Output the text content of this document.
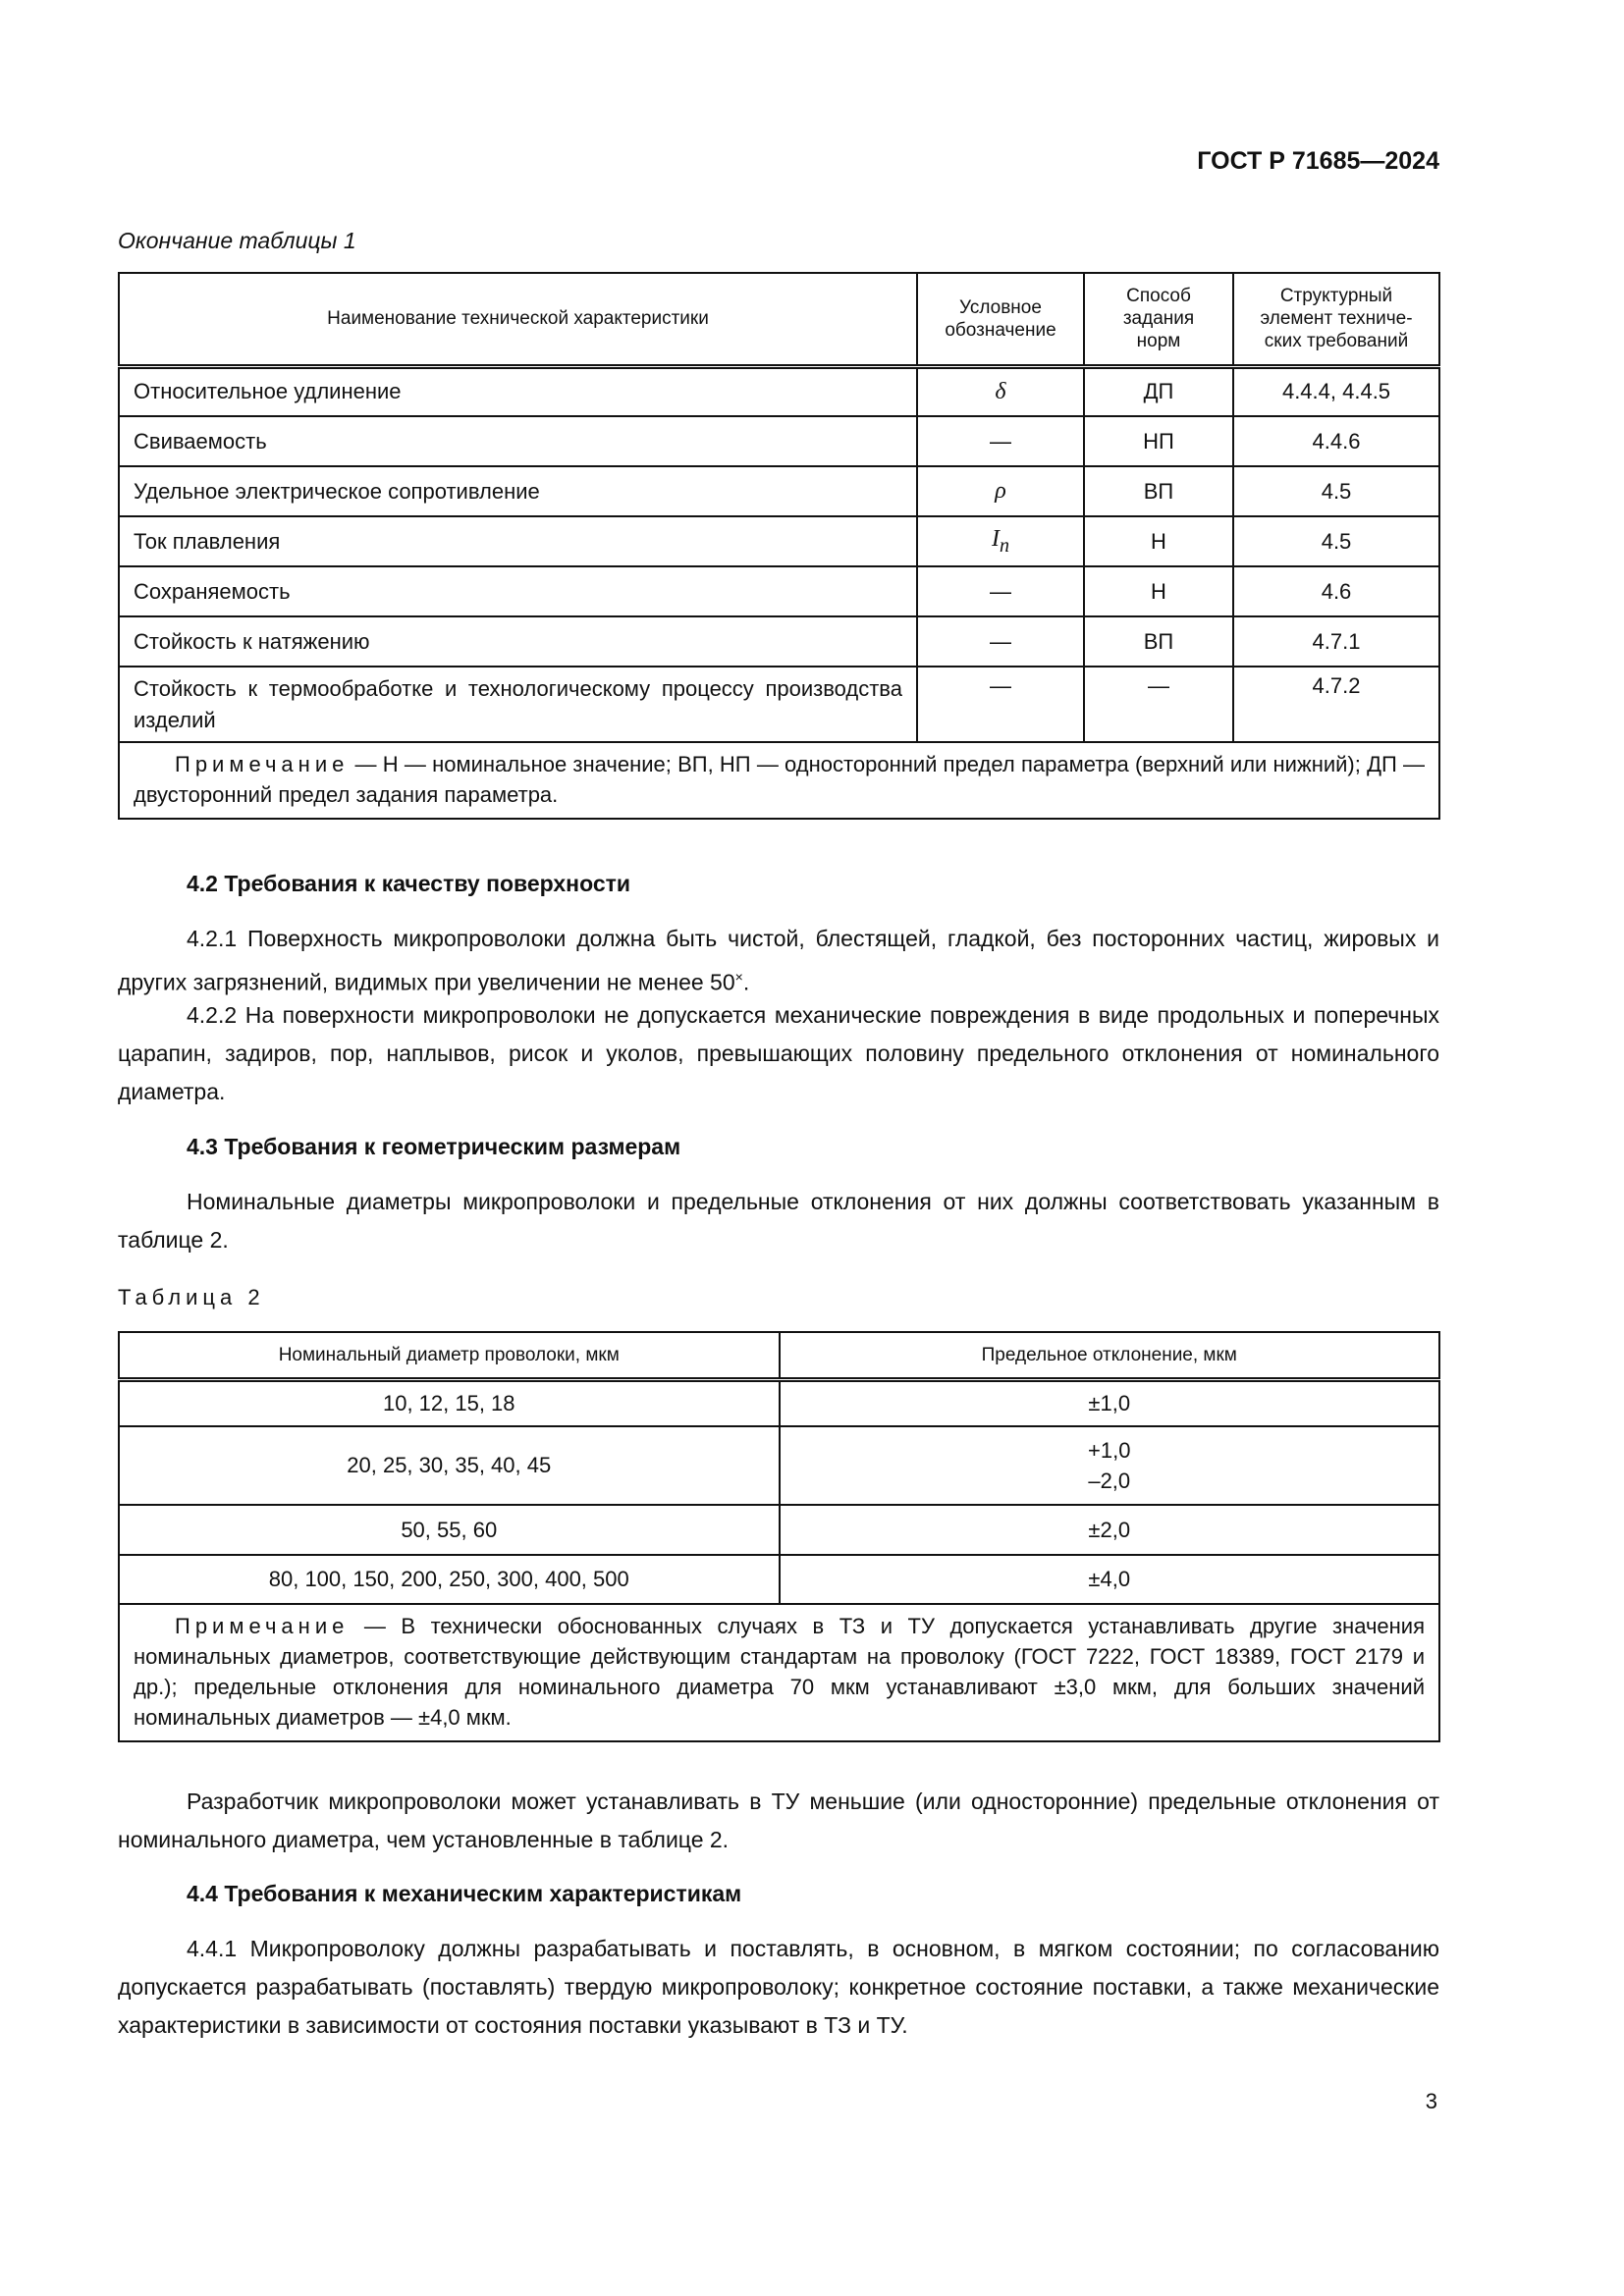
ГОСТ Р 71685—2024
Окончание таблицы 1
Наименование технической характеристики	Условное обозначение	Способ задания норм	Структурный элемент техниче-ских требований
Относительное удлинение	δ	ДП	4.4.4, 4.4.5
Свиваемость	—	НП	4.4.6
Удельное электрическое сопротивление	ρ	ВП	4.5
Ток плавления	$I_n$	Н	4.5
Сохраняемость	—	Н	4.6
Стойкость к натяжению	—	ВП	4.7.1
Стойкость к термообработке и технологическому процессу производства изделий	—	—	4.7.2
Примечание — Н — номинальное значение; ВП, НП — односторонний предел параметра (верхний или нижний); ДП — двусторонний предел задания параметра.			
4.2 Требования к качеству поверхности

4.2.1 Поверхность микропроволоки должна быть чистой, блестящей, гладкой, без посторонних частиц, жировых и других загрязнений, видимых при увеличении не менее 50×.

4.2.2 На поверхности микропроволоки не допускается механические повреждения в виде продольных и поперечных царапин, задиров, пор, наплывов, рисок и уколов, превышающих половину предельного отклонения от номинального диаметра.

4.3 Требования к геометрическим размерам

Номинальные диаметры микропроволоки и предельные отклонения от них должны соответствовать указанным в таблице 2.

Таблица 2
Номинальный диаметр проволоки, мкм	Предельное отклонение, мкм
10, 12, 15, 18	±1,0
20, 25, 30, 35, 40, 45	+1,0
–2,0

50, 55, 60	±2,0
80, 100, 150, 200, 250, 300, 400, 500	±4,0
Примечание — В технически обоснованных случаях в ТЗ и ТУ допускается устанавливать другие значения номинальных диаметров, соответствующие действующим стандартам на проволоку (ГОСТ 7222, ГОСТ 18389, ГОСТ 2179 и др.); предельные отклонения для номинального диаметра 70 мкм устанавливают ±3,0 мкм, для больших значений номинальных диаметров — ±4,0 мкм.	

Разработчик микропроволоки может устанавливать в ТУ меньшие (или односторонние) предельные отклонения от номинального диаметра, чем установленные в таблице 2.

4.4 Требования к механическим характеристикам

4.4.1 Микропроволоку должны разрабатывать и поставлять, в основном, в мягком состоянии; по согласованию допускается разрабатывать (поставлять) твердую микропроволоку; конкретное состояние поставки, а также механические характеристики в зависимости от состояния поставки указывают в ТЗ и ТУ.

3
